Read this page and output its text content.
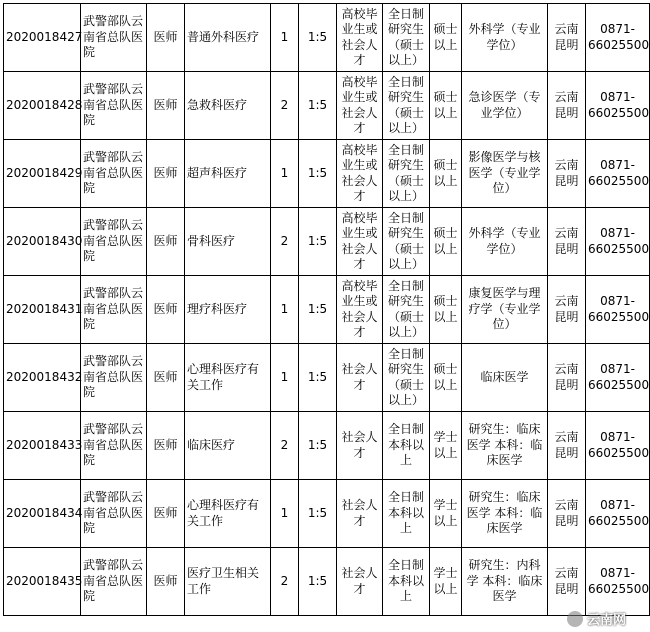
2020018427	武警部队云南省总队医院	医师	普通外科医疗	1	1:5	高校毕业生或社会人才	全日制研究生（硕士以上）	硕士以上	外科学（专业学位）	云南昆明	0871-66025500
2020018428	武警部队云南省总队医院	医师	急救科医疗	2	1:5	高校毕业生或社会人才	全日制研究生（硕士以上）	硕士以上	急诊医学（专业学位）	云南昆明	0871-66025500
2020018429	武警部队云南省总队医院	医师	超声科医疗	1	1:5	高校毕业生或社会人才	全日制研究生（硕士以上）	硕士以上	影像医学与核医学（专业学位）	云南昆明	0871-66025500
2020018430	武警部队云南省总队医院	医师	骨科医疗	2	1:5	高校毕业生或社会人才	全日制研究生（硕士以上）	硕士以上	外科学（专业学位）	云南昆明	0871-66025500
2020018431	武警部队云南省总队医院	医师	理疗科医疗	1	1:5	高校毕业生或社会人才	全日制研究生（硕士以上）	硕士以上	康复医学与理疗学（专业学位）	云南昆明	0871-66025500
2020018432	武警部队云南省总队医院	医师	心理科医疗有关工作	1	1:5	社会人才	全日制研究生（硕士以上）	硕士以上	临床医学	云南昆明	0871-66025500
2020018433	武警部队云南省总队医院	医师	临床医疗	2	1:5	社会人才	全日制本科以上	学士以上	研究生：临床医学 本科：临床医学	云南昆明	0871-66025500
2020018434	武警部队云南省总队医院	医师	心理科医疗有关工作	1	1:5	社会人才	全日制本科以上	学士以上	研究生：临床医学 本科：临床医学	云南昆明	0871-66025500
2020018435	武警部队云南省总队医院	医师	医疗卫生相关工作	2	1:5	社会人才	全日制本科以上	学士以上	研究生：内科学 本科：临床医学	云南昆明	0871-66025500
云南网
